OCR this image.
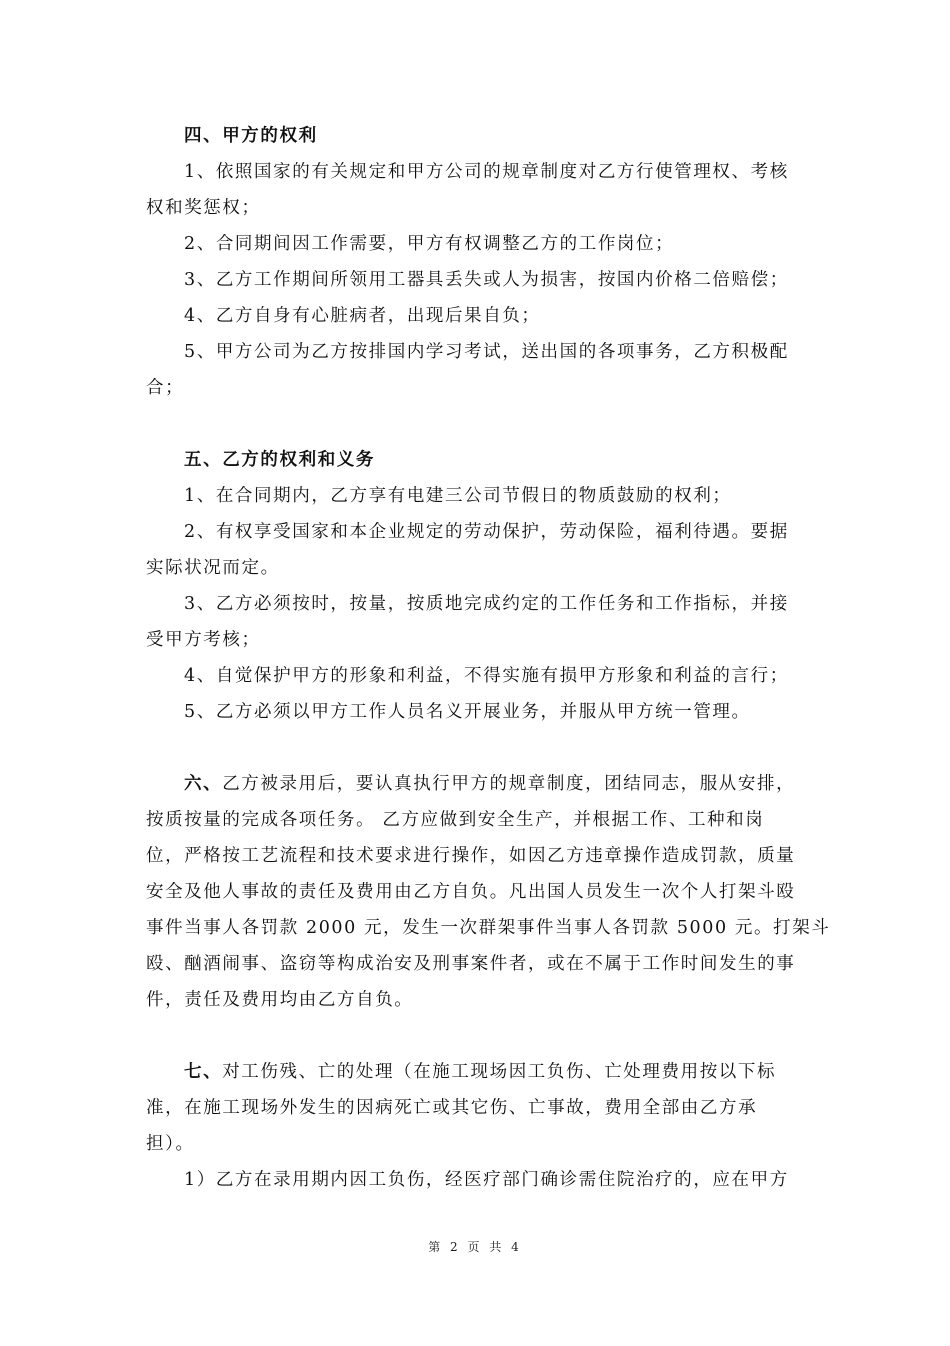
四、甲方的权利
1、依照国家的有关规定和甲方公司的规章制度对乙方行使管理权、考核
权和奖惩权；
2、合同期间因工作需要，甲方有权调整乙方的工作岗位；
3、乙方工作期间所领用工器具丢失或人为损害，按国内价格二倍赔偿；
4、乙方自身有心脏病者，出现后果自负；
5、甲方公司为乙方按排国内学习考试，送出国的各项事务，乙方积极配
合；
五、乙方的权利和义务
1、在合同期内，乙方享有电建三公司节假日的物质鼓励的权利；
2、有权享受国家和本企业规定的劳动保护，劳动保险，福利待遇。要据
实际状况而定。
3、乙方必须按时，按量，按质地完成约定的工作任务和工作指标，并接
受甲方考核；
4、自觉保护甲方的形象和利益，不得实施有损甲方形象和利益的言行；
5、乙方必须以甲方工作人员名义开展业务，并服从甲方统一管理。
六、乙方被录用后，要认真执行甲方的规章制度，团结同志，服从安排，
按质按量的完成各项任务。 乙方应做到安全生产，并根据工作、工种和岗
位，严格按工艺流程和技术要求进行操作，如因乙方违章操作造成罚款，质量
安全及他人事故的责任及费用由乙方自负。凡出国人员发生一次个人打架斗殴
事件当事人各罚款 2000 元，发生一次群架事件当事人各罚款 5000 元。打架斗
殴、酗酒闹事、盗窃等构成治安及刑事案件者，或在不属于工作时间发生的事
件，责任及费用均由乙方自负。
七、对工伤残、亡的处理（在施工现场因工负伤、亡处理费用按以下标
准，在施工现场外发生的因病死亡或其它伤、亡事故，费用全部由乙方承
担）。
1）乙方在录用期内因工负伤，经医疗部门确诊需住院治疗的，应在甲方
第 2 页 共 4
